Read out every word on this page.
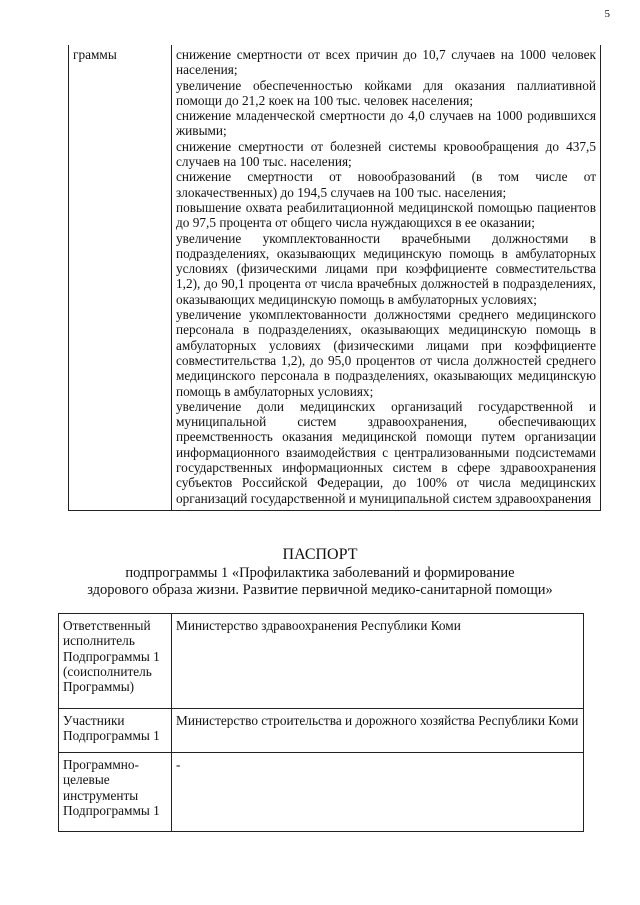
5
граммы	снижение смертности от всех причин до 10,7 случаев на 1000 человек населения;

увеличение обеспеченностью койками для оказания паллиативной помощи до 21,2 коек на 100 тыс. человек населения;

снижение младенческой смертности до 4,0 случаев на 1000 родившихся живыми;

снижение смертности от болезней системы кровообращения до 437,5 случаев на 100 тыс. населения;

снижение смертности от новообразований (в том числе от злокачественных) до 194,5 случаев на 100 тыс. населения;

повышение охвата реабилитационной медицинской помощью пациентов до 97,5 процента от общего числа нуждающихся в ее оказании;

увеличение укомплектованности врачебными должностями в подразделениях, оказывающих медицинскую помощь в амбулаторных условиях (физическими лицами при коэффициенте совместительства 1,2), до 90,1 процента от числа врачебных должностей в подразделениях, оказывающих медицинскую помощь в амбулаторных условиях;

увеличение укомплектованности должностями среднего медицинского персонала в подразделениях, оказывающих медицинскую помощь в амбулаторных условиях (физическими лицами при коэффициенте совместительства 1,2), до 95,0 процентов от числа должностей среднего медицинского персонала в подразделениях, оказывающих медицинскую помощь в амбулаторных условиях;

увеличение доли медицинских организаций государственной и муниципальной систем здравоохранения, обеспечивающих преемственность оказания медицинской помощи путем организации информационного взаимодействия с централизованными подсистемами государственных информационных систем в сфере здравоохранения субъектов Российской Федерации, до 100% от числа медицинских организаций государственной и муниципальной систем здравоохранения

ПАСПОРТ
подпрограммы 1 «Профилактика заболеваний и формирование
здорового образа жизни. Развитие первичной медико-санитарной помощи»
Ответственный исполнитель Подпрограммы 1 (соисполнитель Программы)	Министерство здравоохранения Республики Коми
Участники Подпрограммы 1	Министерство строительства и дорожного хозяйства Республики Коми
Программно-целевые инструменты Подпрограммы 1	-
